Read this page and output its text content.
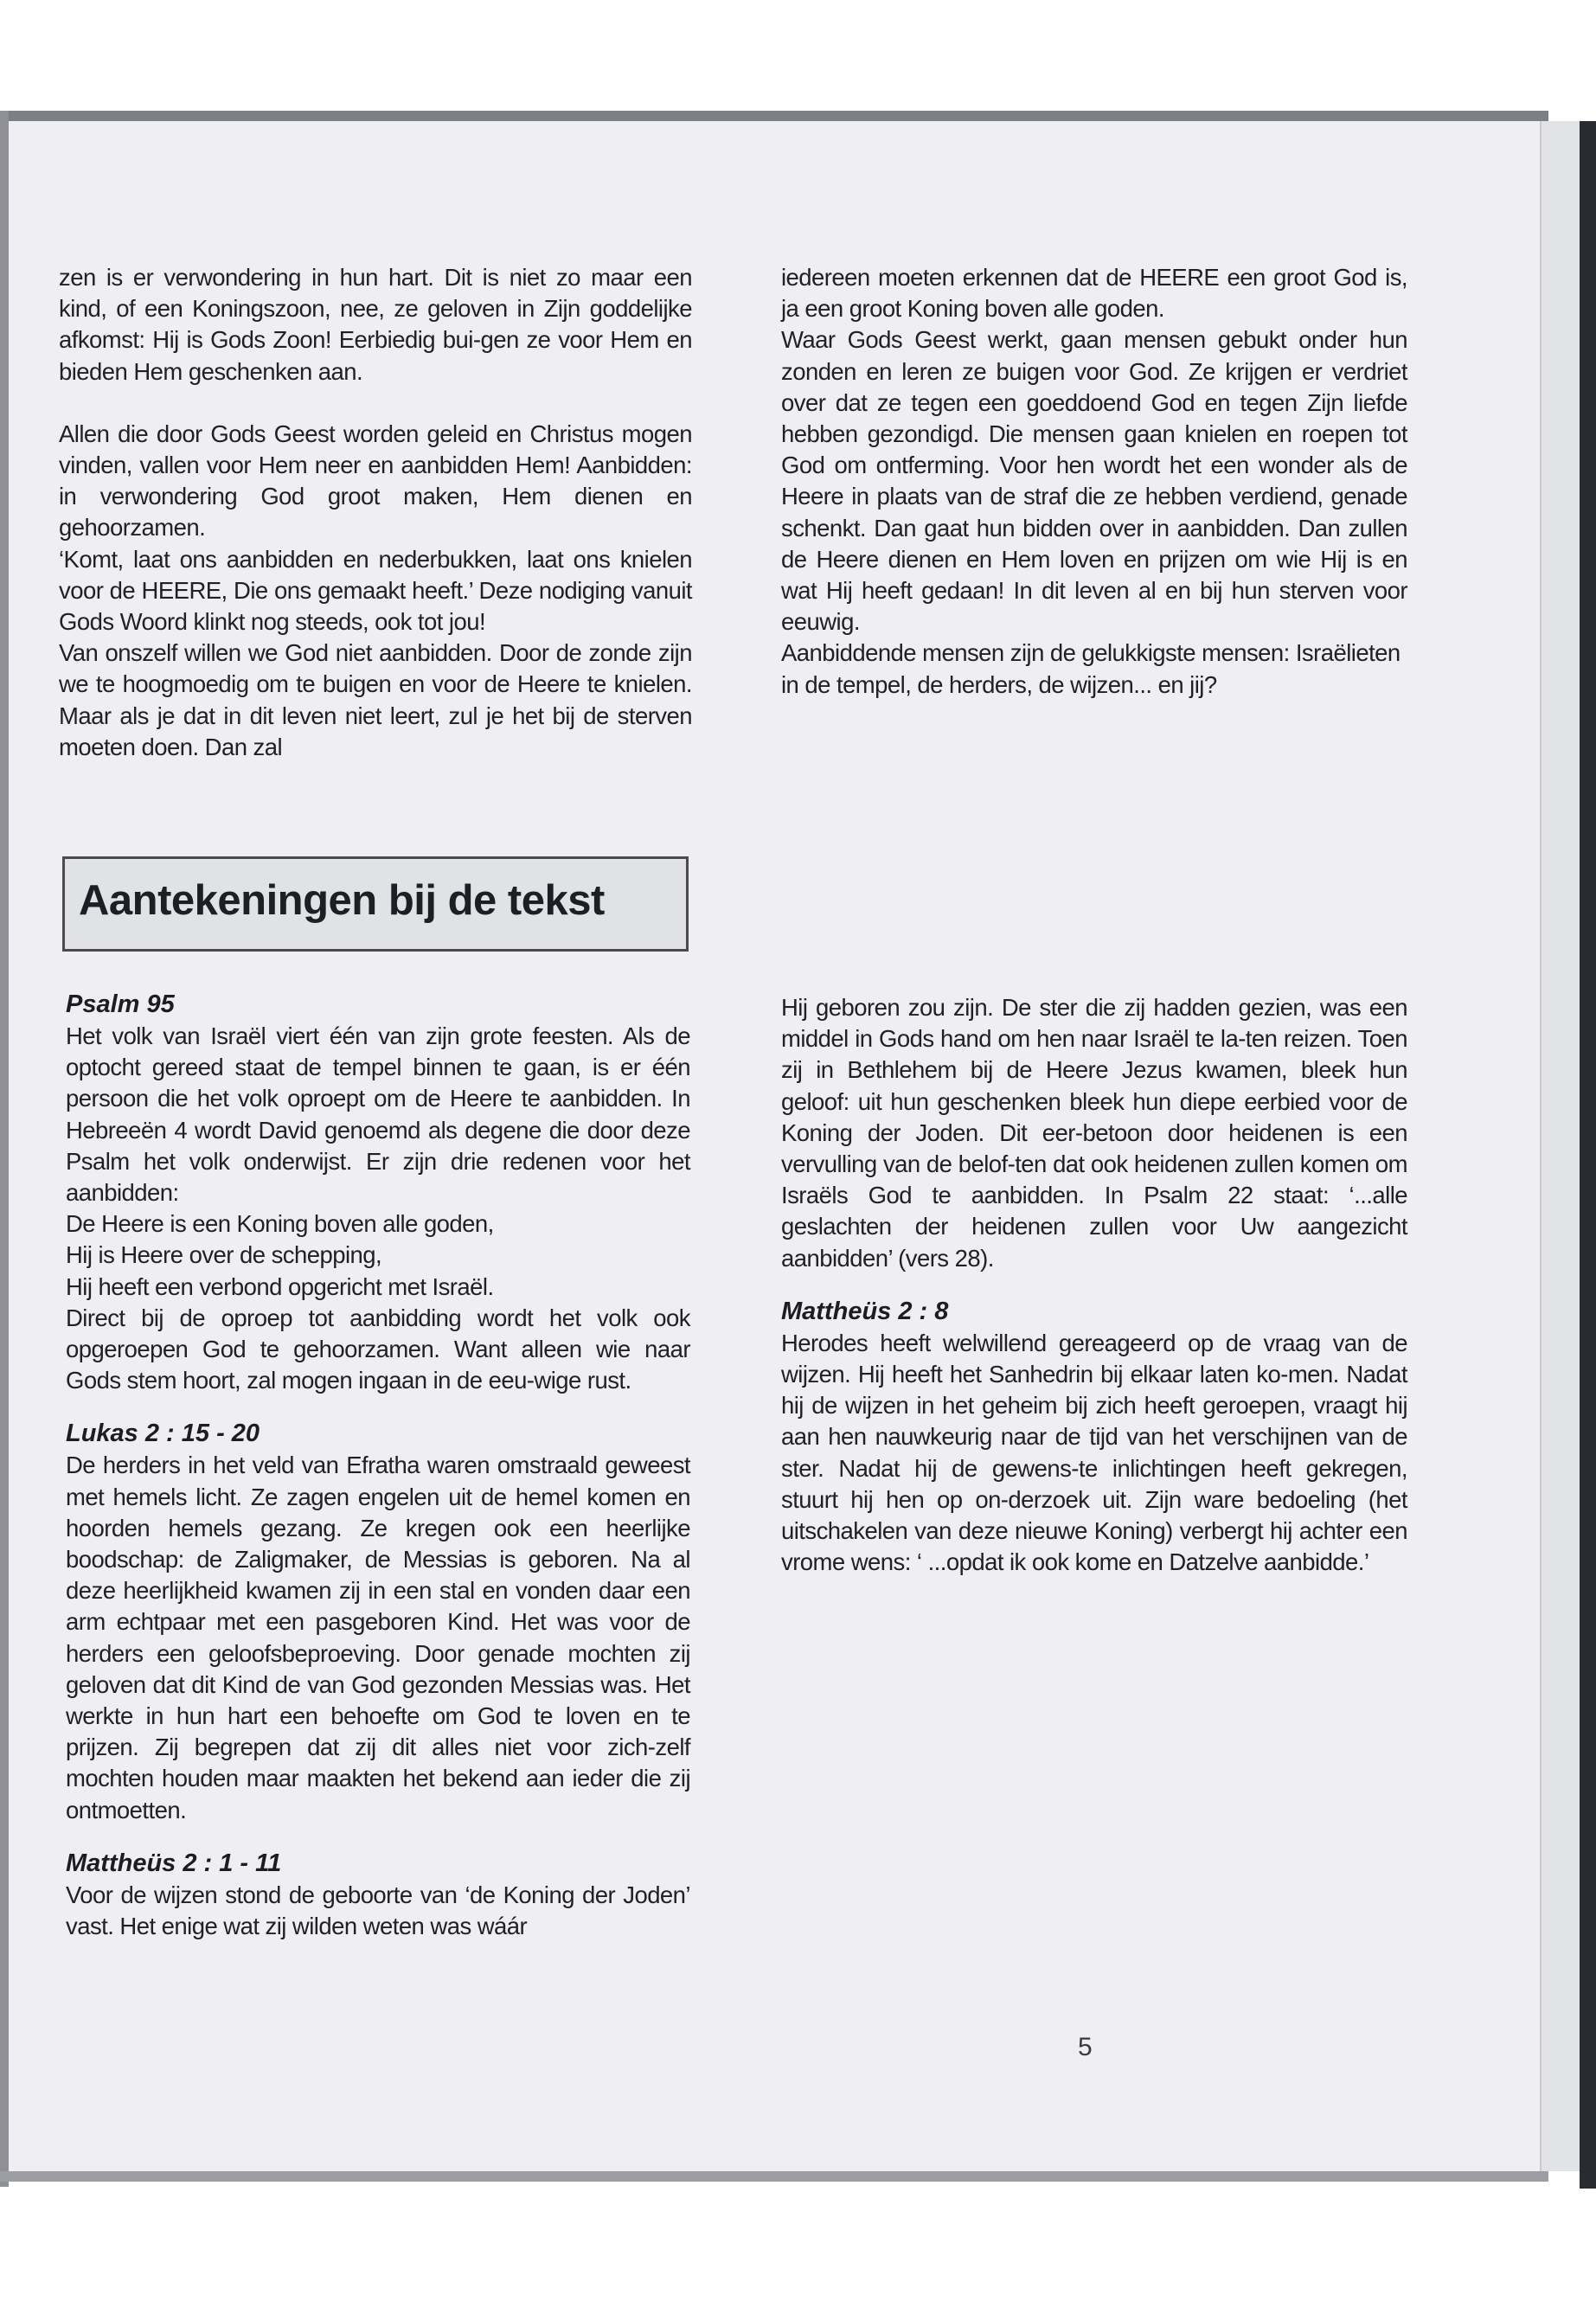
zen is er verwondering in hun hart. Dit is niet zo maar een kind, of een Koningszoon, nee, ze geloven in Zijn goddelijke afkomst: Hij is Gods Zoon! Eerbiedig bui-gen ze voor Hem en bieden Hem geschenken aan.

Allen die door Gods Geest worden geleid en Christus mogen vinden, vallen voor Hem neer en aanbidden Hem! Aanbidden: in verwondering God groot maken, Hem dienen en gehoorzamen.

‘Komt, laat ons aanbidden en nederbukken, laat ons knielen voor de HEERE, Die ons gemaakt heeft.’ Deze nodiging vanuit Gods Woord klinkt nog steeds, ook tot jou!

Van onszelf willen we God niet aanbidden. Door de zonde zijn we te hoogmoedig om te buigen en voor de Heere te knielen. Maar als je dat in dit leven niet leert, zul je het bij de sterven moeten doen. Dan zal

iedereen moeten erkennen dat de HEERE een groot God is, ja een groot Koning boven alle goden.

Waar Gods Geest werkt, gaan mensen gebukt onder hun zonden en leren ze buigen voor God. Ze krijgen er verdriet over dat ze tegen een goeddoend God en tegen Zijn liefde hebben gezondigd. Die mensen gaan knielen en roepen tot God om ontferming. Voor hen wordt het een wonder als de Heere in plaats van de straf die ze hebben verdiend, genade schenkt. Dan gaat hun bidden over in aanbidden. Dan zullen de Heere dienen en Hem loven en prijzen om wie Hij is en wat Hij heeft gedaan! In dit leven al en bij hun sterven voor eeuwig.

Aanbiddende mensen zijn de gelukkigste mensen: Israëlieten in de tempel, de herders, de wijzen... en jij?

Aantekeningen bij de tekst
Psalm 95

Het volk van Israël viert één van zijn grote feesten. Als de optocht gereed staat de tempel binnen te gaan, is er één persoon die het volk oproept om de Heere te aanbidden. In Hebreeën 4 wordt David genoemd als degene die door deze Psalm het volk onderwijst. Er zijn drie redenen voor het aanbidden:

De Heere is een Koning boven alle goden,

Hij is Heere over de schepping,

Hij heeft een verbond opgericht met Israël.

Direct bij de oproep tot aanbidding wordt het volk ook opgeroepen God te gehoorzamen. Want alleen wie naar Gods stem hoort, zal mogen ingaan in de eeu-wige rust.

Lukas 2 : 15 - 20

De herders in het veld van Efratha waren omstraald geweest met hemels licht. Ze zagen engelen uit de hemel komen en hoorden hemels gezang. Ze kregen ook een heerlijke boodschap: de Zaligmaker, de Messias is geboren. Na al deze heerlijkheid kwamen zij in een stal en vonden daar een arm echtpaar met een pasgeboren Kind. Het was voor de herders een geloofsbeproeving. Door genade mochten zij geloven dat dit Kind de van God gezonden Messias was. Het werkte in hun hart een behoefte om God te loven en te prijzen. Zij begrepen dat zij dit alles niet voor zich-zelf mochten houden maar maakten het bekend aan ieder die zij ontmoetten.

Mattheüs 2 : 1 - 11

Voor de wijzen stond de geboorte van ‘de Koning der Joden’ vast. Het enige wat zij wilden weten was wáár

Hij geboren zou zijn. De ster die zij hadden gezien, was een middel in Gods hand om hen naar Israël te la-ten reizen. Toen zij in Bethlehem bij de Heere Jezus kwamen, bleek hun geloof: uit hun geschenken bleek hun diepe eerbied voor de Koning der Joden. Dit eer-betoon door heidenen is een vervulling van de belof-ten dat ook heidenen zullen komen om Israëls God te aanbidden. In Psalm 22 staat: ‘...alle geslachten der heidenen zullen voor Uw aangezicht aanbidden’ (vers 28).

Mattheüs 2 : 8

Herodes heeft welwillend gereageerd op de vraag van de wijzen. Hij heeft het Sanhedrin bij elkaar laten ko-men. Nadat hij de wijzen in het geheim bij zich heeft geroepen, vraagt hij aan hen nauwkeurig naar de tijd van het verschijnen van de ster. Nadat hij de gewens-te inlichtingen heeft gekregen, stuurt hij hen op on-derzoek uit. Zijn ware bedoeling (het uitschakelen van deze nieuwe Koning) verbergt hij achter een vrome wens: ‘ ...opdat ik ook kome en Datzelve aanbidde.’

5
